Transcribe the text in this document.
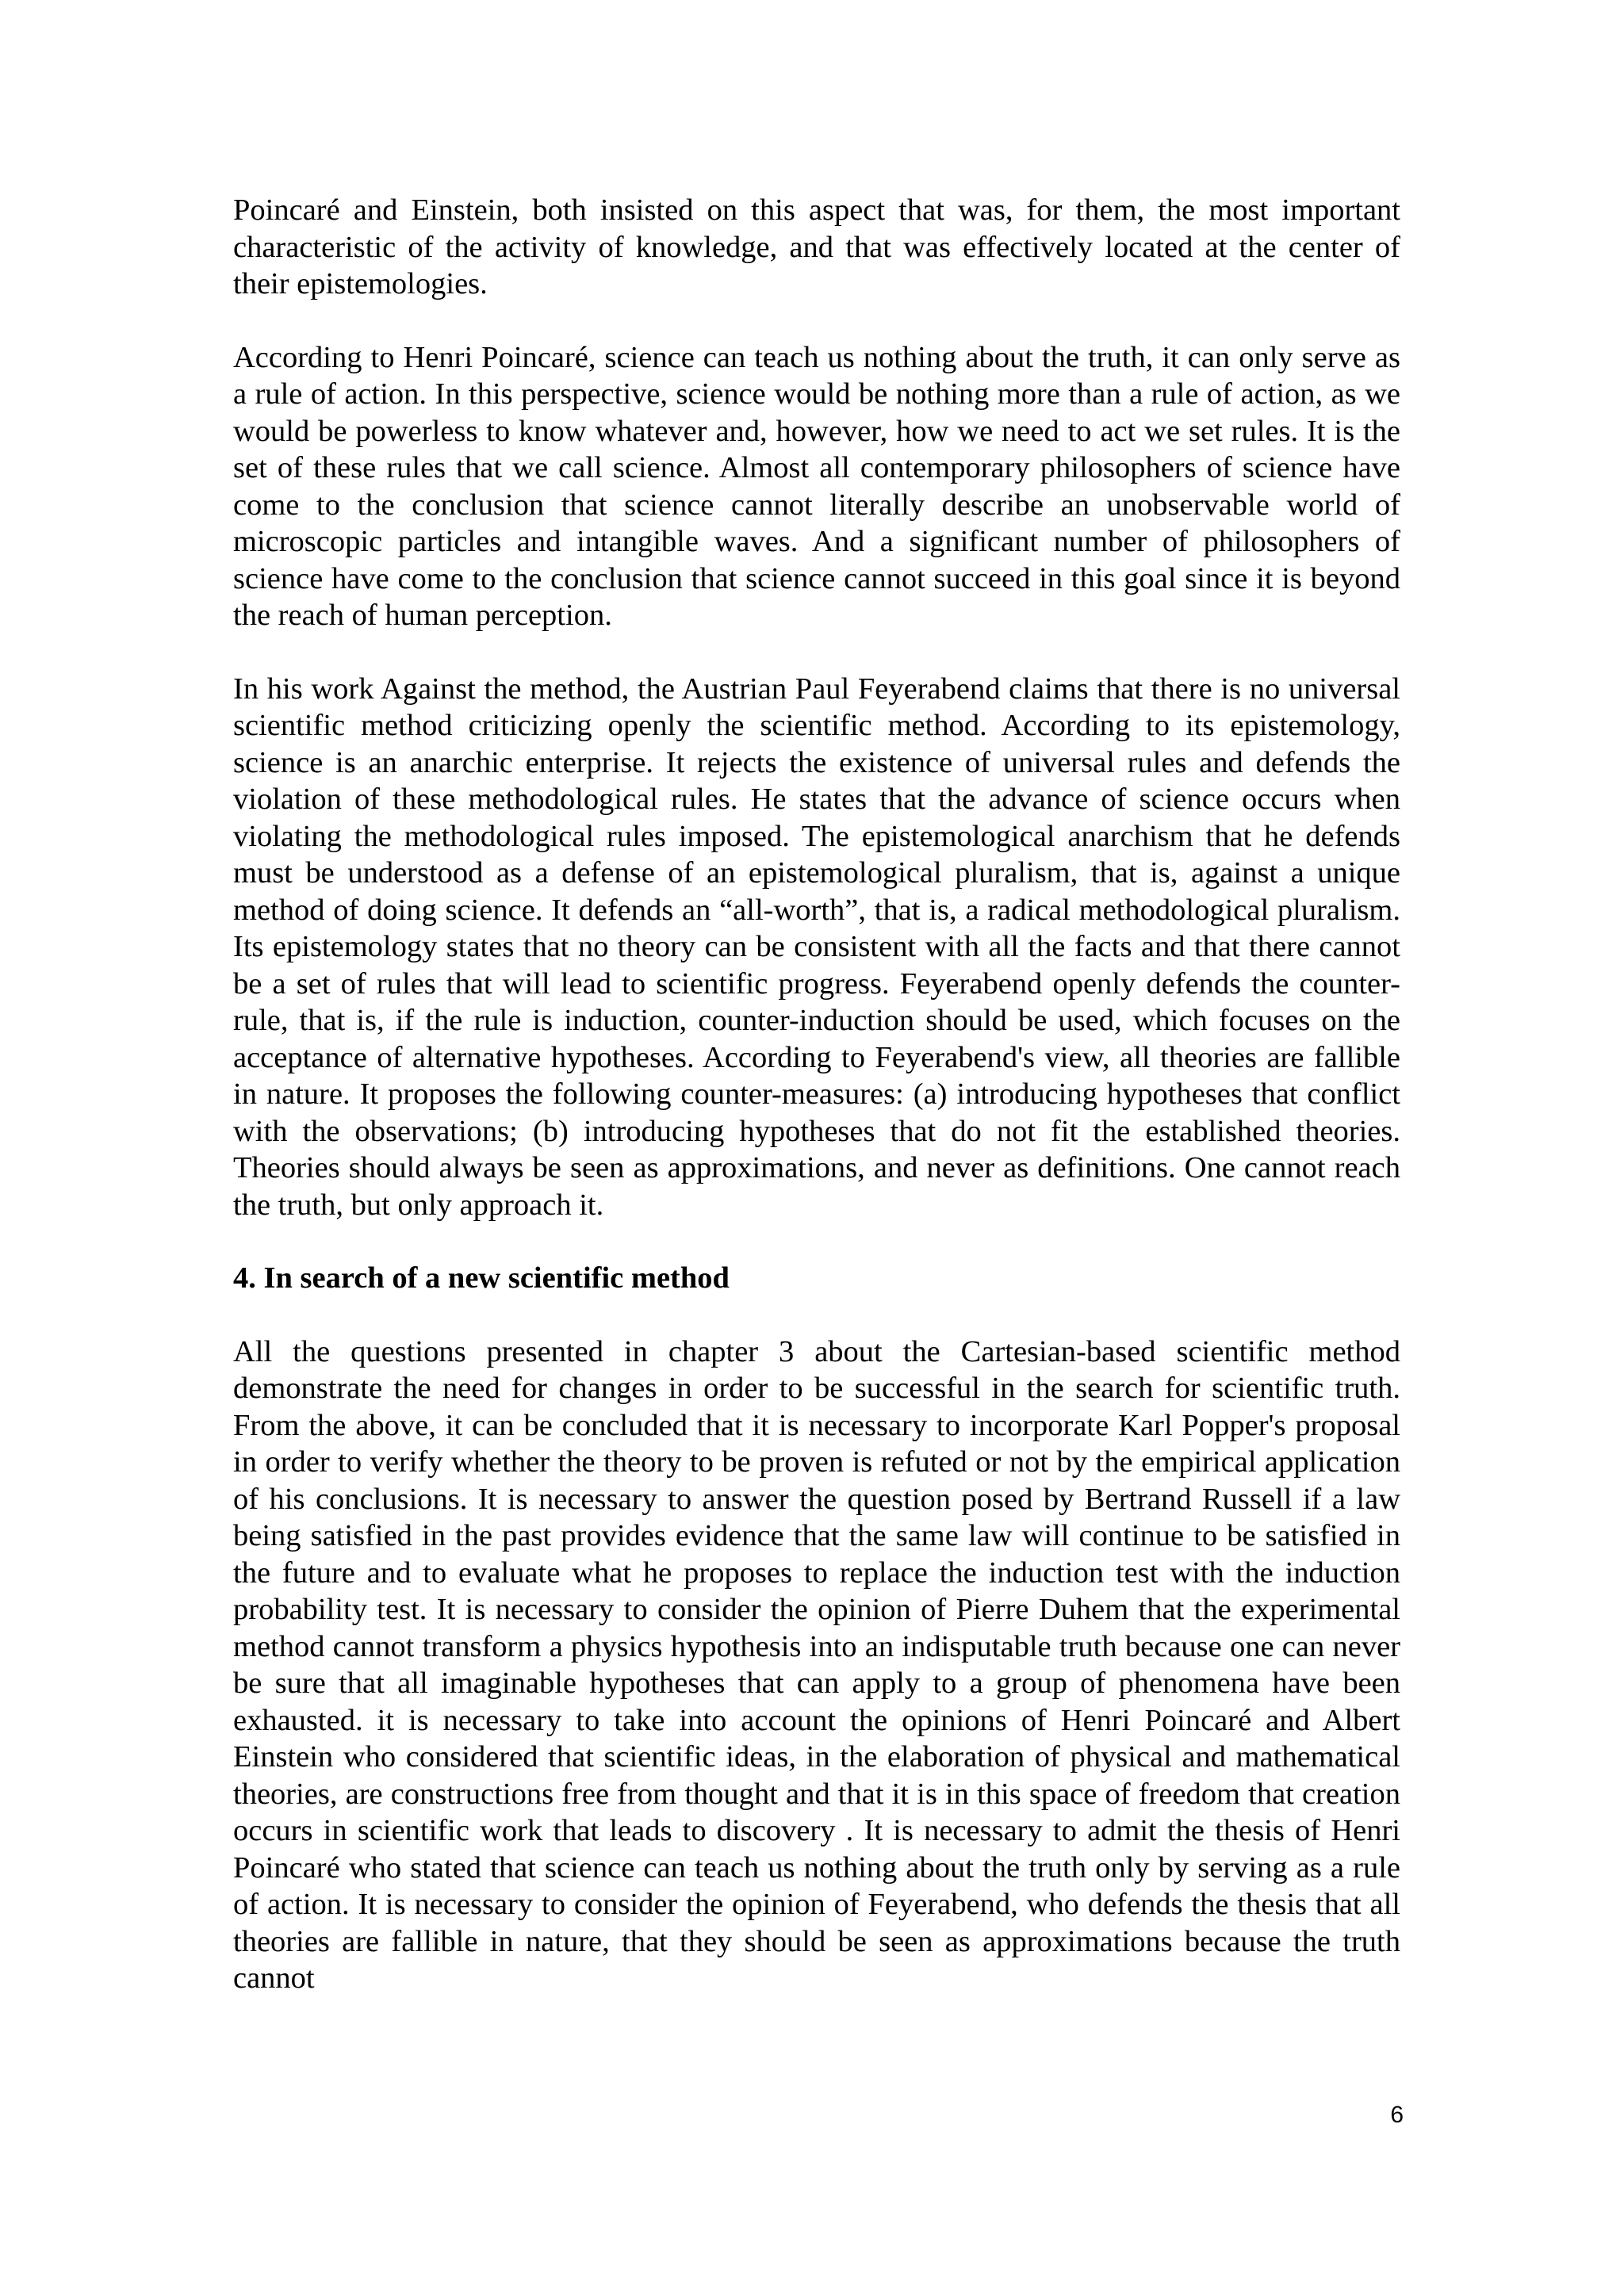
Poincaré and Einstein, both insisted on this aspect that was, for them, the most important characteristic of the activity of knowledge, and that was effectively located at the center of their epistemologies.

According to Henri Poincaré, science can teach us nothing about the truth, it can only serve as a rule of action. In this perspective, science would be nothing more than a rule of action, as we would be powerless to know whatever and, however, how we need to act we set rules. It is the set of these rules that we call science. Almost all contemporary philosophers of science have come to the conclusion that science cannot literally describe an unobservable world of microscopic particles and intangible waves. And a significant number of philosophers of science have come to the conclusion that science cannot succeed in this goal since it is beyond the reach of human perception.

In his work Against the method, the Austrian Paul Feyerabend claims that there is no universal scientific method criticizing openly the scientific method. According to its epistemology, science is an anarchic enterprise. It rejects the existence of universal rules and defends the violation of these methodological rules. He states that the advance of science occurs when violating the methodological rules imposed. The epistemological anarchism that he defends must be understood as a defense of an epistemological pluralism, that is, against a unique method of doing science. It defends an “all-worth”, that is, a radical methodological pluralism. Its epistemology states that no theory can be consistent with all the facts and that there cannot be a set of rules that will lead to scientific progress. Feyerabend openly defends the counter-rule, that is, if the rule is induction, counter-induction should be used, which focuses on the acceptance of alternative hypotheses. According to Feyerabend's view, all theories are fallible in nature. It proposes the following counter-measures: (a) introducing hypotheses that conflict with the observations; (b) introducing hypotheses that do not fit the established theories. Theories should always be seen as approximations, and never as definitions. One cannot reach the truth, but only approach it.

4. In search of a new scientific method

All the questions presented in chapter 3 about the Cartesian-based scientific method demonstrate the need for changes in order to be successful in the search for scientific truth. From the above, it can be concluded that it is necessary to incorporate Karl Popper's proposal in order to verify whether the theory to be proven is refuted or not by the empirical application of his conclusions. It is necessary to answer the question posed by Bertrand Russell if a law being satisfied in the past provides evidence that the same law will continue to be satisfied in the future and to evaluate what he proposes to replace the induction test with the induction probability test. It is necessary to consider the opinion of Pierre Duhem that the experimental method cannot transform a physics hypothesis into an indisputable truth because one can never be sure that all imaginable hypotheses that can apply to a group of phenomena have been exhausted. it is necessary to take into account the opinions of Henri Poincaré and Albert Einstein who considered that scientific ideas, in the elaboration of physical and mathematical theories, are constructions free from thought and that it is in this space of freedom that creation occurs in scientific work that leads to discovery . It is necessary to admit the thesis of Henri Poincaré who stated that science can teach us nothing about the truth only by serving as a rule of action. It is necessary to consider the opinion of Feyerabend, who defends the thesis that all theories are fallible in nature, that they should be seen as approximations because the truth cannot

6
